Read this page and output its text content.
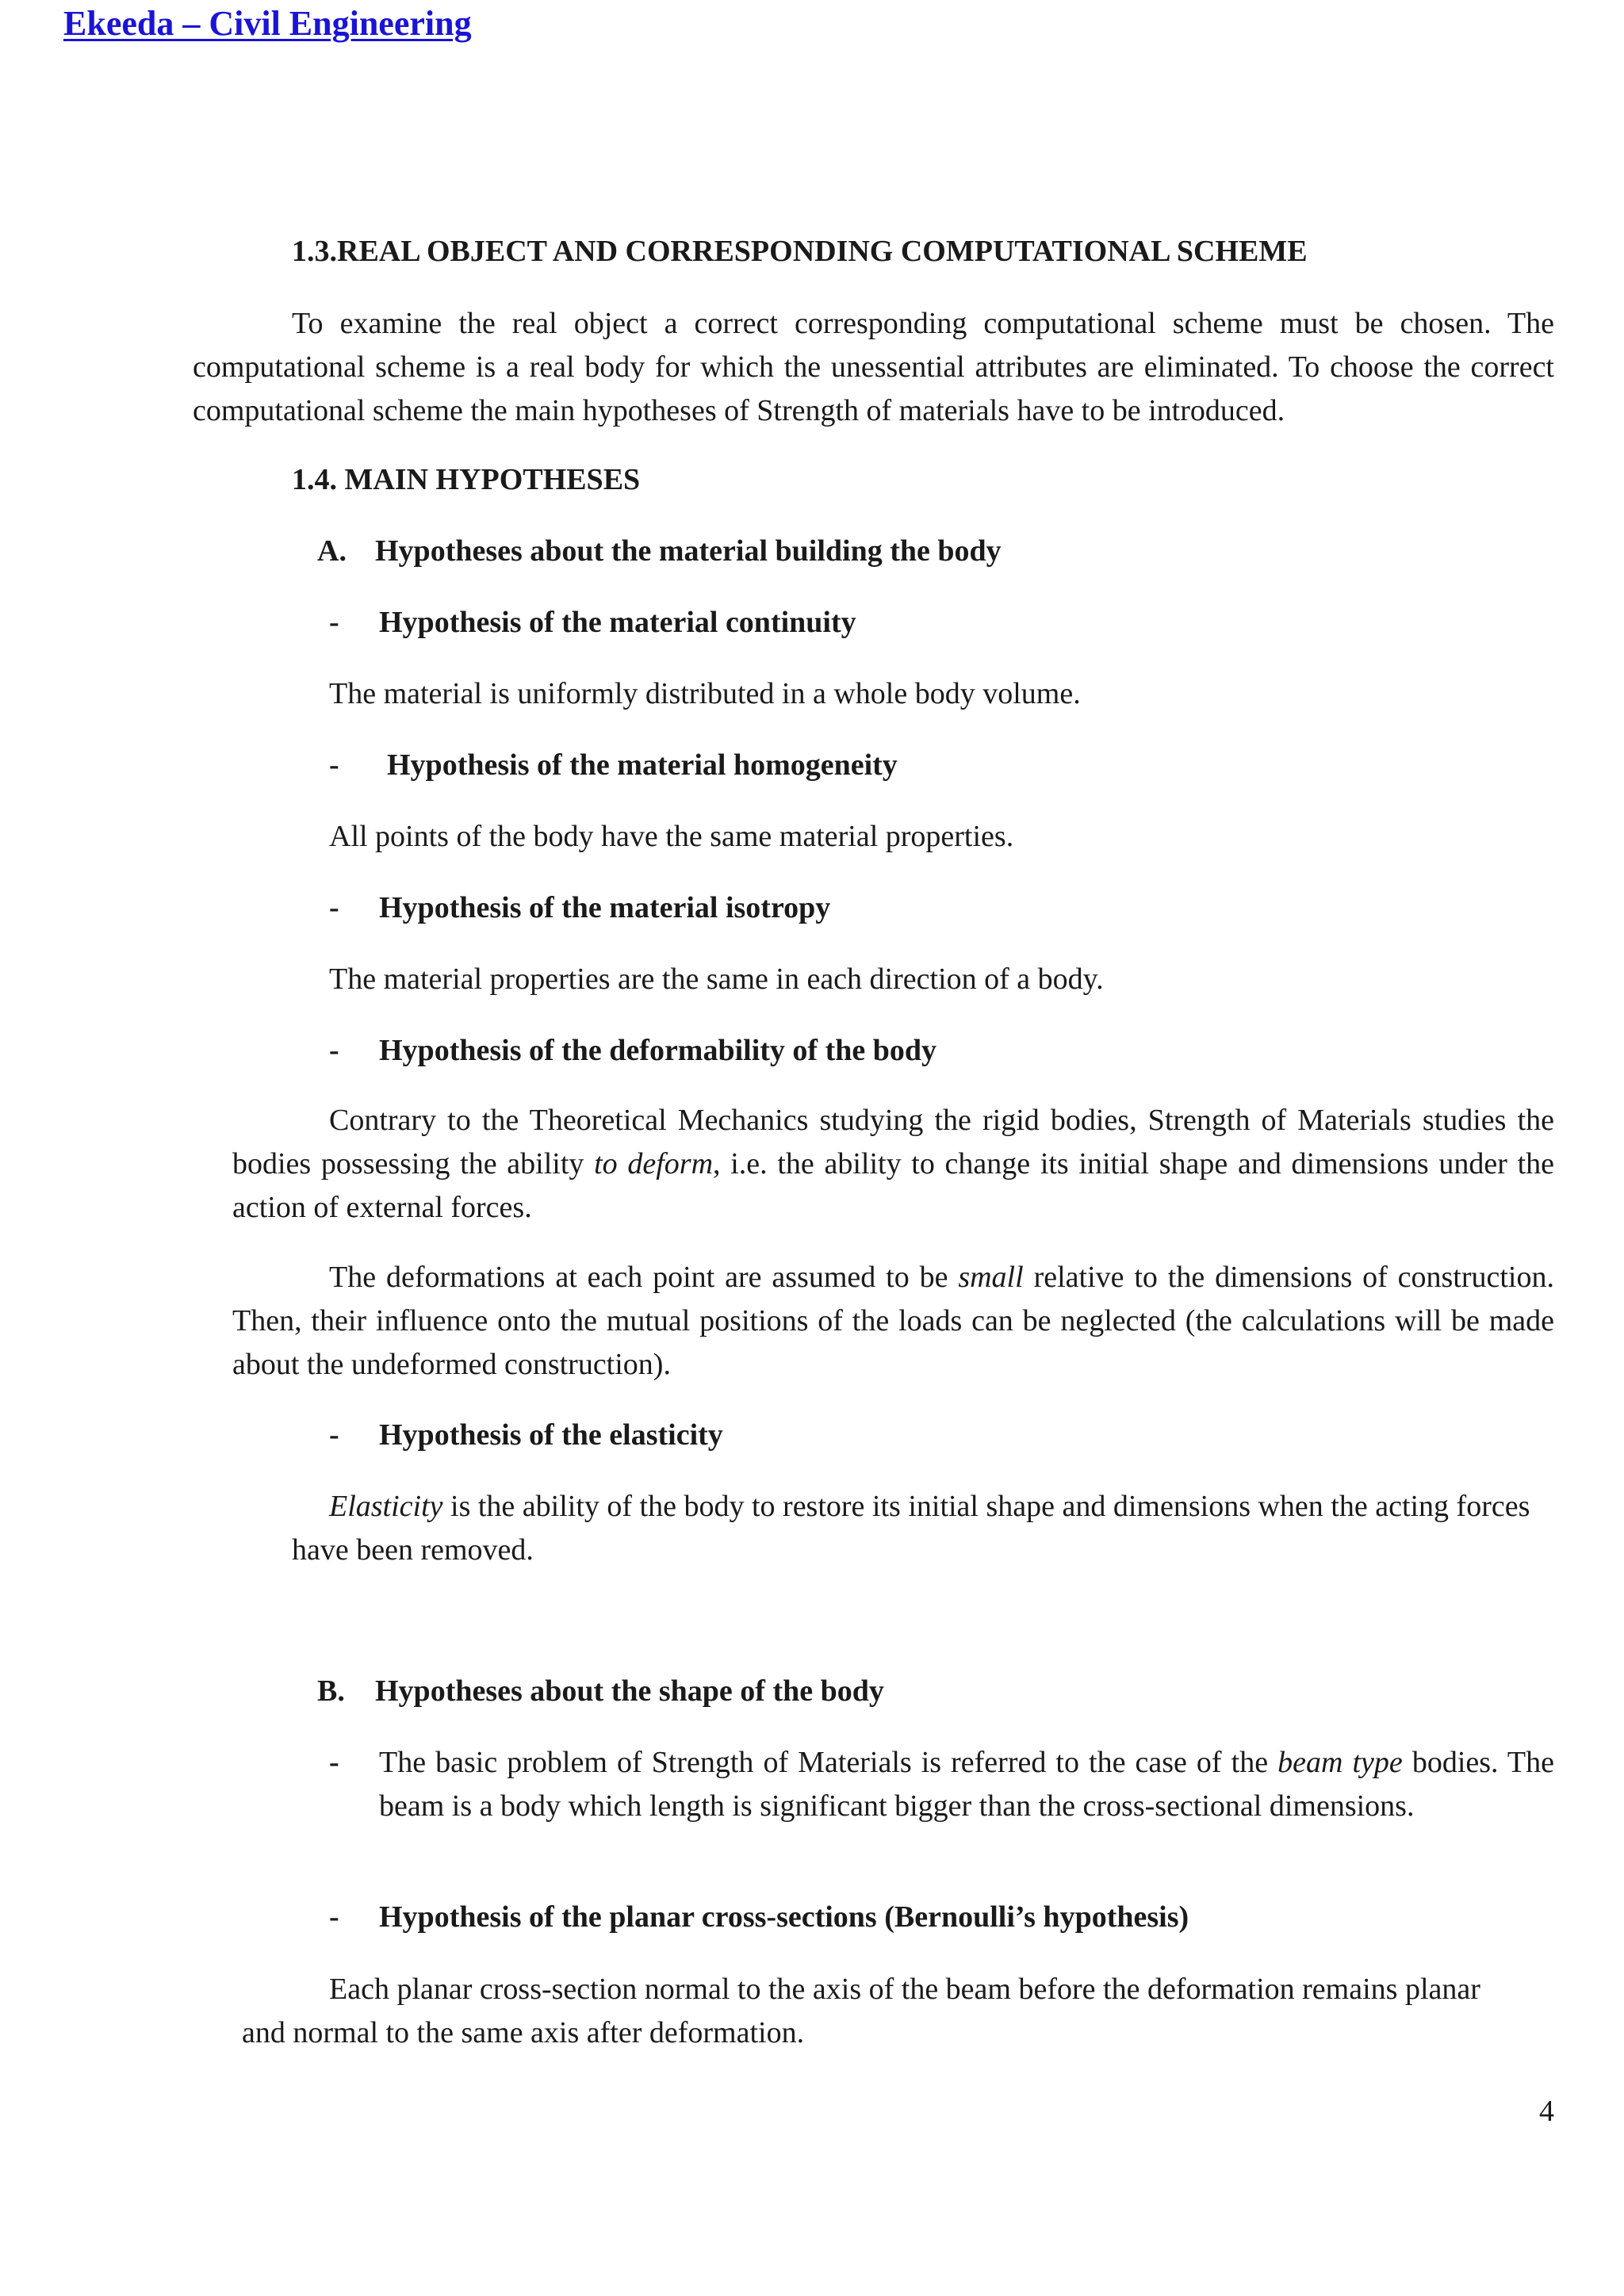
Ekeeda – Civil Engineering
1.3.REAL OBJECT AND CORRESPONDING COMPUTATIONAL SCHEME

To examine the real object a correct corresponding computational scheme must be chosen. The computational scheme is a real body for which the unessential attributes are eliminated. To choose the correct computational scheme the main hypotheses of Strength of materials have to be introduced.

1.4. MAIN HYPOTHESES
A. Hypotheses about the material building the body
- Hypothesis of the material continuity
The material is uniformly distributed in a whole body volume.
- Hypothesis of the material homogeneity
All points of the body have the same material properties.
- Hypothesis of the material isotropy
The material properties are the same in each direction of a body.
- Hypothesis of the deformability of the body

Contrary to the Theoretical Mechanics studying the rigid bodies, Strength of Materials studies the bodies possessing the ability to deform, i.e. the ability to change its initial shape and dimensions under the action of external forces.

The deformations at each point are assumed to be small relative to the dimensions of construction. Then, their influence onto the mutual positions of the loads can be neglected (the calculations will be made about the undeformed construction).

- Hypothesis of the elasticity

Elasticity is the ability of the body to restore its initial shape and dimensions when the acting forces have been removed.

B. Hypotheses about the shape of the body
- The basic problem of Strength of Materials is referred to the case of the beam type bodies. The beam is a body which length is significant bigger than the cross-sectional dimensions.

- Hypothesis of the planar cross-sections (Bernoulli’s hypothesis)

Each planar cross-section normal to the axis of the beam before the deformation remains planar and normal to the same axis after deformation.

4
